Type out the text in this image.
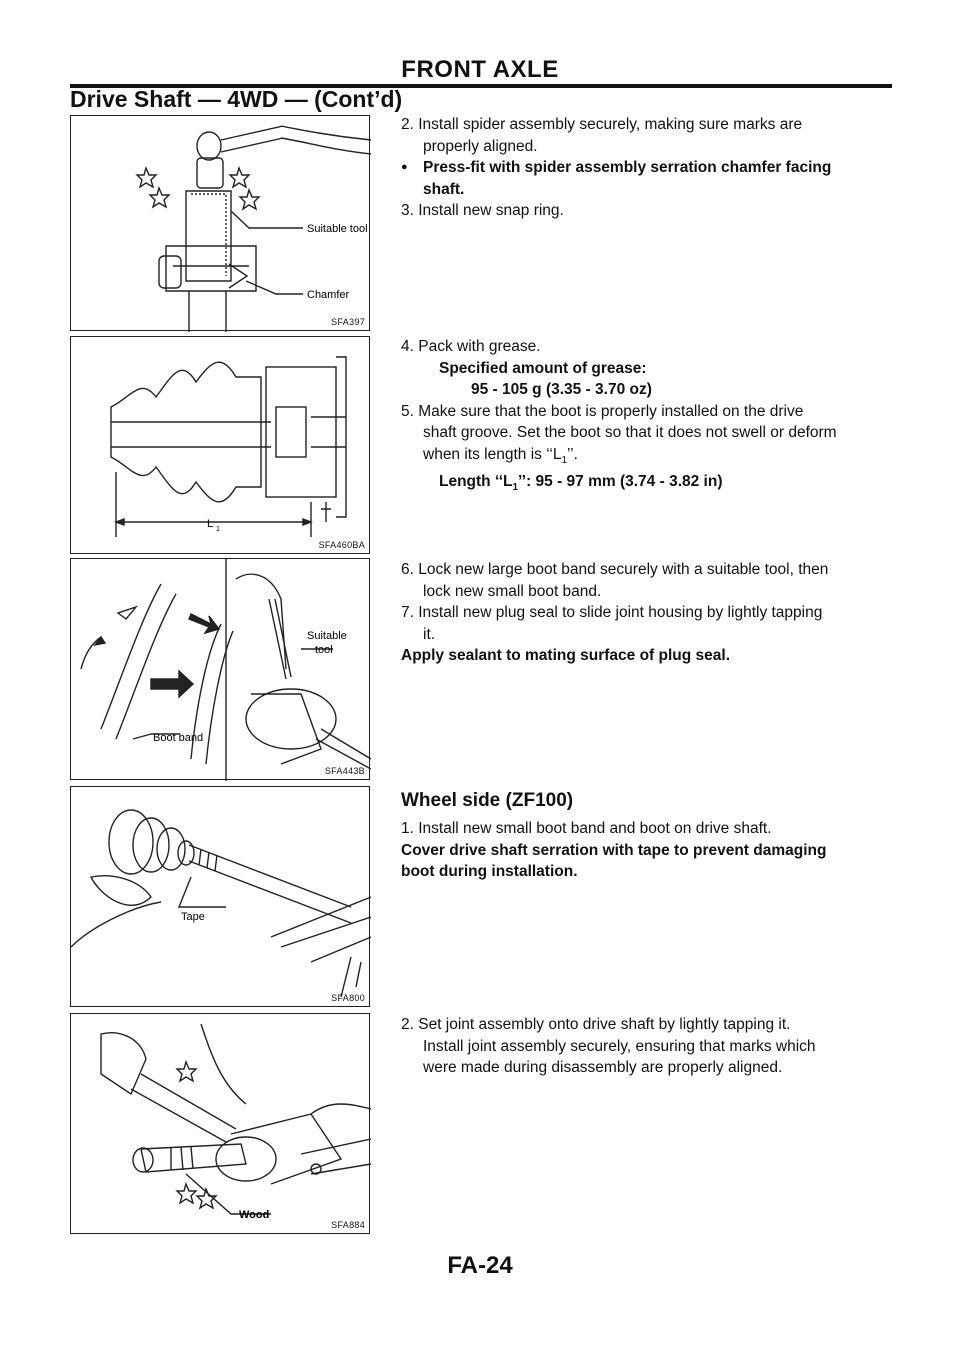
FRONT AXLE
Drive Shaft — 4WD — (Cont’d)
Suitable tool
Chamfer
SFA397
L 1
SFA460BA
Suitable
tool
Boot band
SFA443B
Tape
SFA800
Wood
SFA884

2. Install spider assembly securely, making sure marks are

properly aligned.

● Press-fit with spider assembly serration chamfer facing

shaft.

3. Install new snap ring.

4. Pack with grease.

Specified amount of grease:

95 - 105 g (3.35 - 3.70 oz)

5. Make sure that the boot is properly installed on the drive

shaft groove. Set the boot so that it does not swell or deform

when its length is ‘‘$L_1$’’.

Length ‘‘$L_1$’’: 95 - 97 mm (3.74 - 3.82 in)

6. Lock new large boot band securely with a suitable tool, then

lock new small boot band.

7. Install new plug seal to slide joint housing by lightly tapping

it.

Apply sealant to mating surface of plug seal.

Wheel side (ZF100)

1. Install new small boot band and boot on drive shaft.

Cover drive shaft serration with tape to prevent damaging

boot during installation.

2. Set joint assembly onto drive shaft by lightly tapping it.

Install joint assembly securely, ensuring that marks which

were made during disassembly are properly aligned.

FA-24
